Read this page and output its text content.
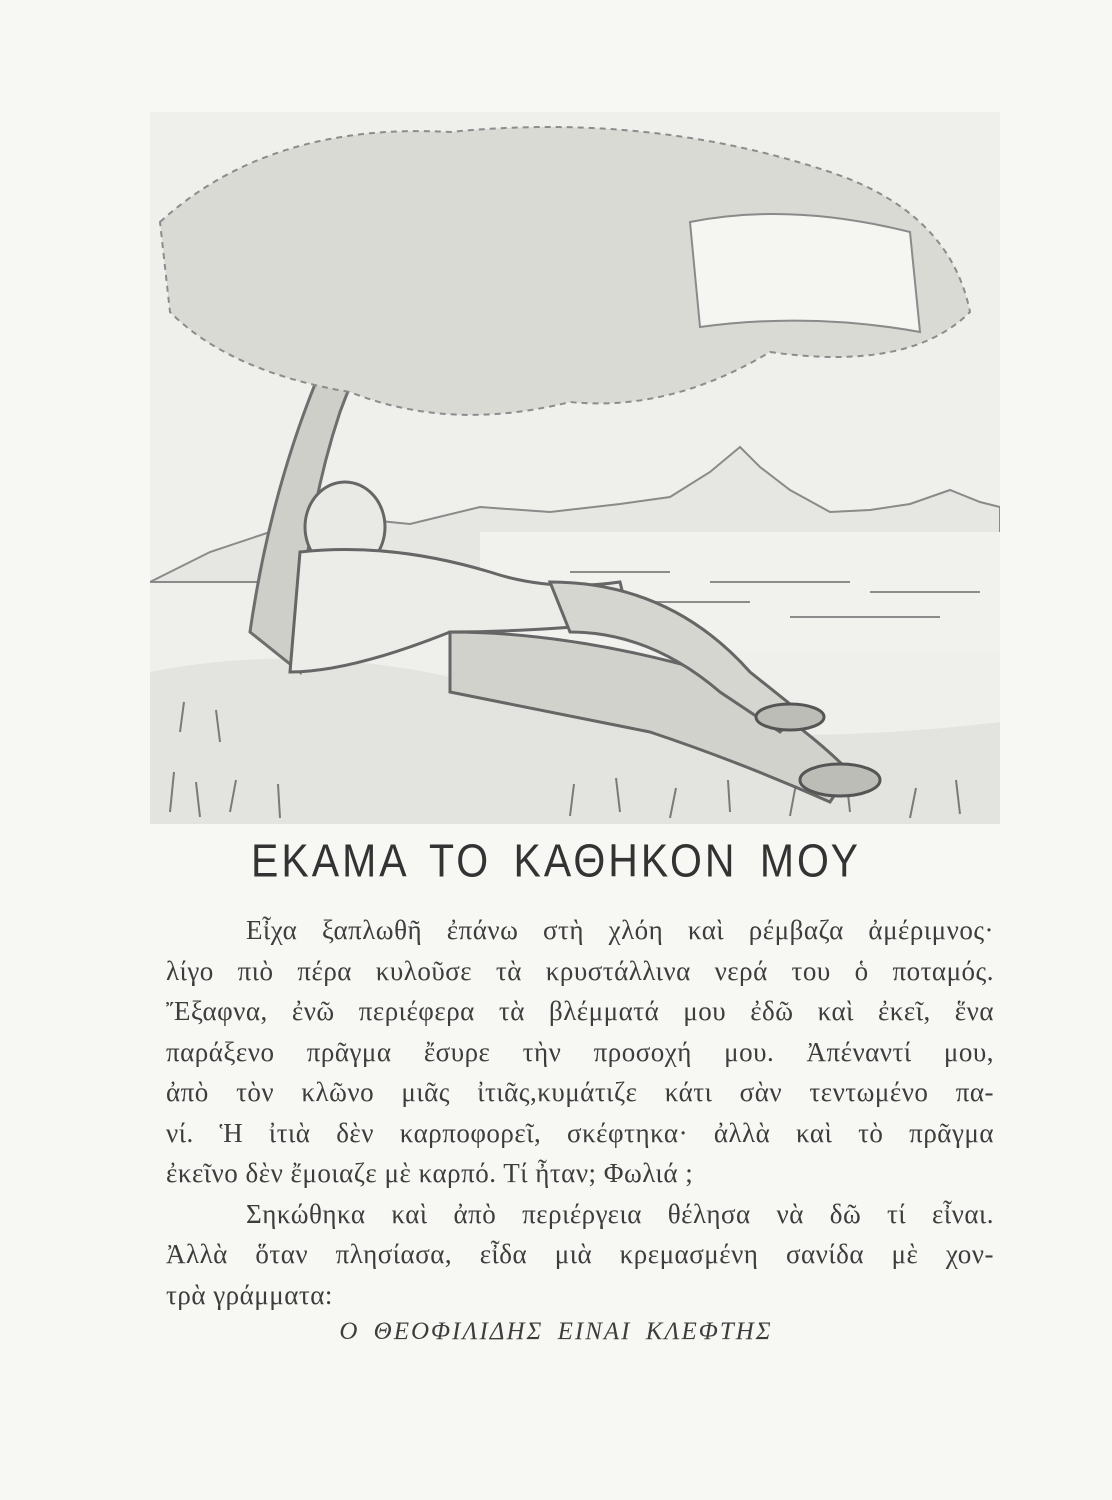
ΕΚΑΜΑ ΤΟ ΚΑΘΗΚΟΝ ΜΟΥ
Εἶχα ξαπλωθῆ ἐπάνω στὴ χλόη καὶ ρέμβαζα ἀμέριμνος·
λίγο πιὸ πέρα κυλοῦσε τὰ κρυστάλλινα νερά του ὁ ποταμός.
Ἔξαφνα, ἐνῶ περιέφερα τὰ βλέμματά μου ἐδῶ καὶ ἐκεῖ, ἕνα
παράξενο πρᾶγμα ἔσυρε τὴν προσοχή μου. Ἀπέναντί μου,
ἀπὸ τὸν κλῶνο μιᾶς ἰτιᾶς,κυμάτιζε κάτι σὰν τεντωμένο πα-
νί. Ἡ ἰτιὰ δὲν καρποφορεῖ, σκέφτηκα· ἀλλὰ καὶ τὸ πρᾶγμα
ἐκεῖνο δὲν ἔμοιαζε μὲ καρπό. Τί ἦταν; Φωλιά ;
Σηκώθηκα καὶ ἀπὸ περιέργεια θέλησα νὰ δῶ τί εἶναι.
Ἀλλὰ ὅταν πλησίασα, εἶδα μιὰ κρεμασμένη σανίδα μὲ χον-
τρὰ γράμματα:
Ο ΘΕΟΦΙΛΙΔΗΣ ΕΙΝΑΙ ΚΛΕΦΤΗΣ
